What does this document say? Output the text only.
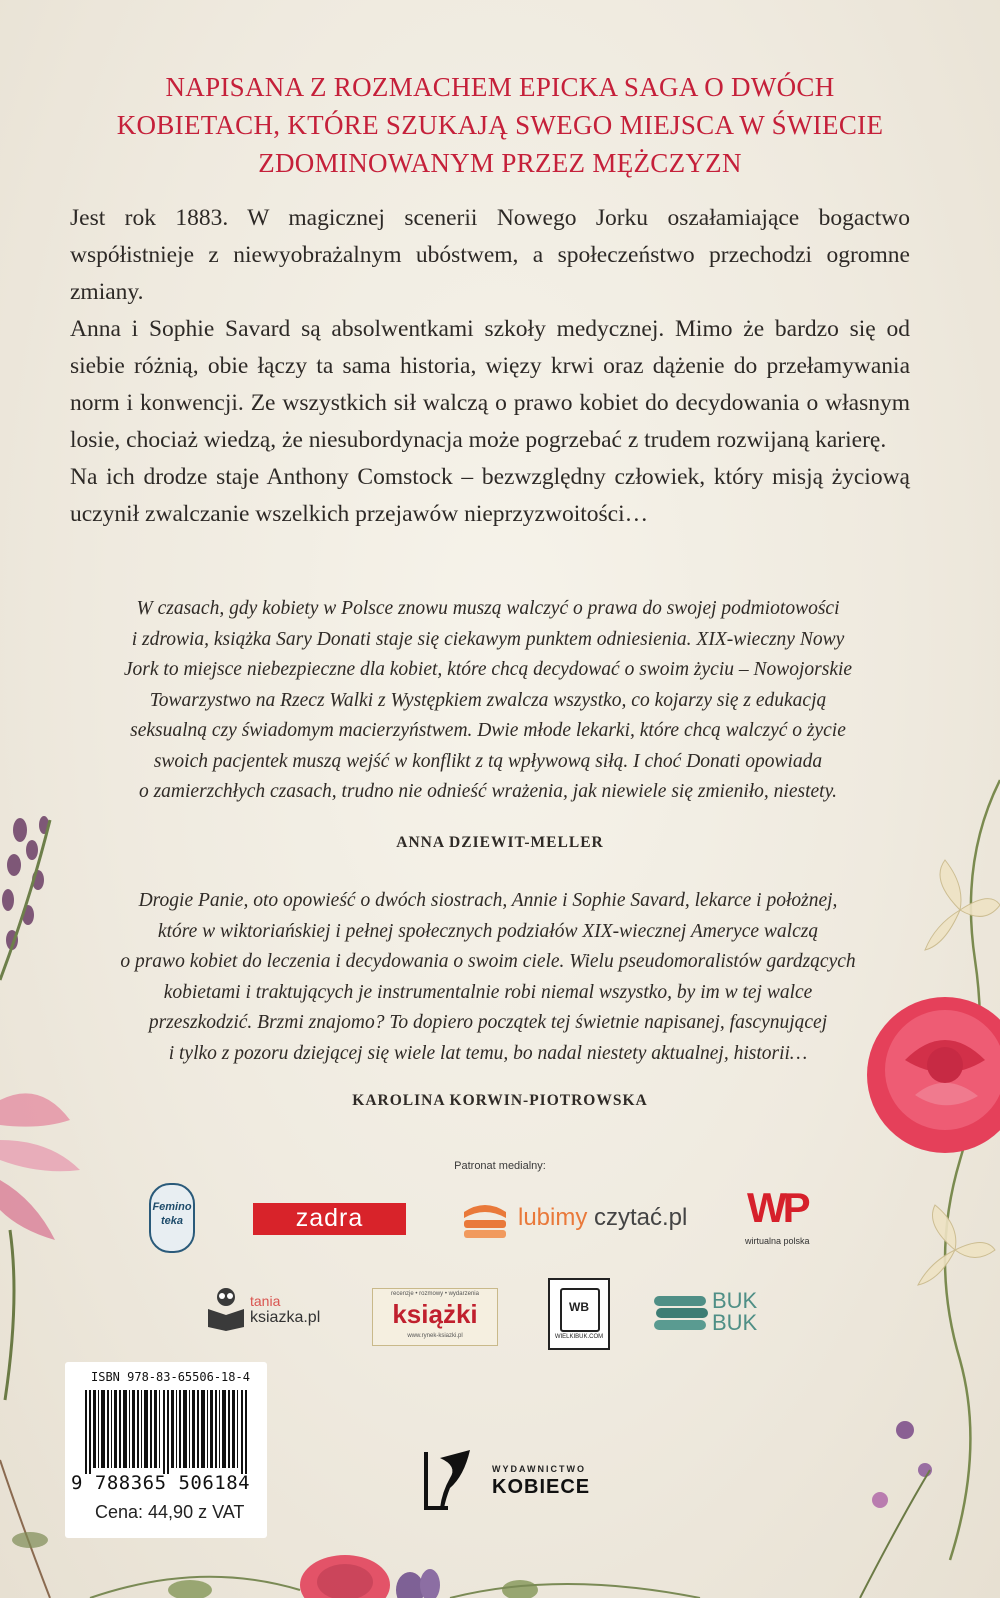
NAPISANA Z ROZMACHEM EPICKA SAGA O DWÓCH
KOBIETACH, KTÓRE SZUKAJĄ SWEGO MIEJSCA W ŚWIECIE
ZDOMINOWANYM PRZEZ MĘŻCZYZN

Jest rok 1883. W magicznej scenerii Nowego Jorku oszałamiające bogactwo współistnieje z niewyobrażalnym ubóstwem, a społeczeństwo przechodzi ogromne zmiany.

Anna i Sophie Savard są absolwentkami szkoły medycznej. Mimo że bardzo się od siebie różnią, obie łączy ta sama historia, więzy krwi oraz dążenie do przełamywania norm i konwencji. Ze wszystkich sił walczą o prawo kobiet do decydowania o własnym losie, chociaż wiedzą, że niesubordynacja może pogrzebać z trudem rozwijaną karierę.

Na ich drodze staje Anthony Comstock – bezwzględny człowiek, który misją życiową uczynił zwalczanie wszelkich przejawów nieprzyzwoitości…

W czasach, gdy kobiety w Polsce znowu muszą walczyć o prawa do swojej podmiotowości
i zdrowia, książka Sary Donati staje się ciekawym punktem odniesienia. XIX-wieczny Nowy
Jork to miejsce niebezpieczne dla kobiet, które chcą decydować o swoim życiu – Nowojorskie
Towarzystwo na Rzecz Walki z Występkiem zwalcza wszystko, co kojarzy się z edukacją
seksualną czy świadomym macierzyństwem. Dwie młode lekarki, które chcą walczyć o życie
swoich pacjentek muszą wejść w konflikt z tą wpływową siłą. I choć Donati opowiada
o zamierzchłych czasach, trudno nie odnieść wrażenia, jak niewiele się zmieniło, niestety.
ANNA DZIEWIT-MELLER
Drogie Panie, oto opowieść o dwóch siostrach, Annie i Sophie Savard, lekarce i położnej,
które w wiktoriańskiej i pełnej społecznych podziałów XIX-wiecznej Ameryce walczą
o prawo kobiet do leczenia i decydowania o swoim ciele. Wielu pseudomoralistów gardzących
kobietami i traktujących je instrumentalnie robi niemal wszystko, by im w tej walce
przeszkodzić. Brzmi znajomo? To dopiero początek tej świetnie napisanej, fascynującej
i tylko z pozoru dziejącej się wiele lat temu, bo nadal niestety aktualnej, historii…
KAROLINA KORWIN-PIOTROWSKA
Patronat medialny:
Femino teka	zadra	lubimy czytać.pl WP
wirtualna polska
tania
ksiazka.pl
recenzje • rozmowy • wydarzenia
książki
www.rynek-ksiazki.pl
WB
WIELKIBUK.COM
BUK
BUK
ISBN 978-83-65506-18-4
9 788365 506184
Cena: 44,90 z VAT
WYDAWNICTWO
KOBIECE
